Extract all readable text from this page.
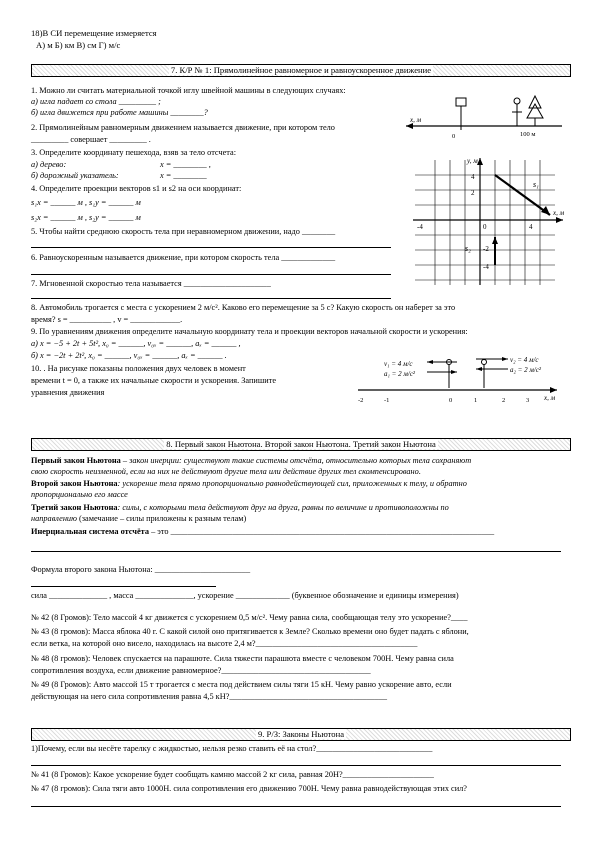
18)В СИ перемещение измеряется
А) м Б) км В) см Г) м/с
7. К/Р № 1: Прямолинейное равномерное и равноускоренное движение
1. Можно ли считать материальной точкой иглу швейной машины в следующих случаях:
а) игла падает со стола _________ ;
б) игла движется при работе машины ________?
2. Прямолинейным равномерным движением называется движение, при котором тело
_________ совершает _________ .
3. Определите координату пешехода, взяв за тело отсчета:
а) дерево:	x = ________ ,
б) дорожный указатель:	x = ________
4. Определите проекции векторов s1 и s2 на оси координат:
s₁x = ______ м , s₁y = ______ м
s₂x = ______ м , s₂y = ______ м
5. Чтобы найти среднюю скорость тела при неравномерном движении, надо ________
6. Равноускоренным называется движение, при котором скорость тела _____________
7. Мгновенной скоростью тела называется _____________________
8. Автомобиль трогается с места с ускорением 2 м/с². Каково его перемещение за 5 с? Какую скорость он наберет за это
время? s = __________ , v = ____________.
9. По уравнениям движения определите начальную координату тела и проекции векторов начальной скорости и ускорения:
а) x = −5 + 2t + 5t², x₀ = ______, v₀ₓ = ______, aₓ = ______ ,
б) x = −2t + 2t², x₀ = ______, v₀ₓ = ______, aₓ = ______ .
10. . На рисунке показаны положения двух человек в момент
времени t = 0, а также их начальные скорости и ускорения. Запишите
уравнения движения
x, м
0	100 м
y, м
x, м
-4	0	4
4
2
-2
-4
s₁
s₂
v₁ = 4 м/с
a₁ = 2 м/с²
v₂ = 4 м/с
a₂ = 2 м/с²
x, м
-2	-1	0	1	2	3
8. Первый закон Ньютона. Второй закон Ньютона. Третий закон Ньютона
Первый закон Ньютона – закон инерции: существуют такие системы отсчёта, относительно которых тела сохраняют
свою скорость неизменной, если на них не действуют другие тела или действие других тел скомпенсировано.
Второй закон Ньютона: ускорение тела прямо пропорционально равнодействующей сил, приложенных к телу, и обратно
пропорционально его массе
Третий закон Ньютона: силы, с которыми тела действуют друг на друга, равны по величине и противоположны по
направлению (замечание – силы приложены к разным телам)
Инерциальная система отсчёта – это ______________________________________________________________________________
Формула второго закона Ньютона: _______________________
сила ______________ , масса ______________, ускорение _____________ (буквенное обозначение и единицы измерения)
№ 42 (8 Громов): Тело массой 4 кг движется с ускорением 0,5 м/с². Чему равна сила, сообщающая телу это ускорение?____
№ 43 (8 громов): Масса яблока 40 г. С какой силой оно притягивается к Земле? Сколько времени оно будет падать с яблони,
если ветка, на которой оно висело, находилась на высоте 2,4 м?_______________________________________
№ 48 (8 громов): Человек спускается на парашюте. Сила тяжести парашюта вместе с человеком 700Н. Чему равна сила
сопротивления воздуха, если движение равномерное?____________________________________
№ 49 (8 Громов): Авто массой 15 т трогается с места под действием силы тяги 15 кН. Чему равно ускорение авто, если
действующая на него сила сопротивления равна 4,5 кН?______________________________________
9. Р/З: Законы Ньютона
1)Почему, если вы несёте тарелку с жидкостью, нельзя резко ставить её на стол?____________________________
№ 41 (8 Громов): Какое ускорение будет сообщать камню массой 2 кг сила, равная 20Н?______________________
№ 47 (8 громов): Сила тяги авто 1000Н. сила сопротивления его движению 700Н. Чему равна равнодействующая этих сил?
